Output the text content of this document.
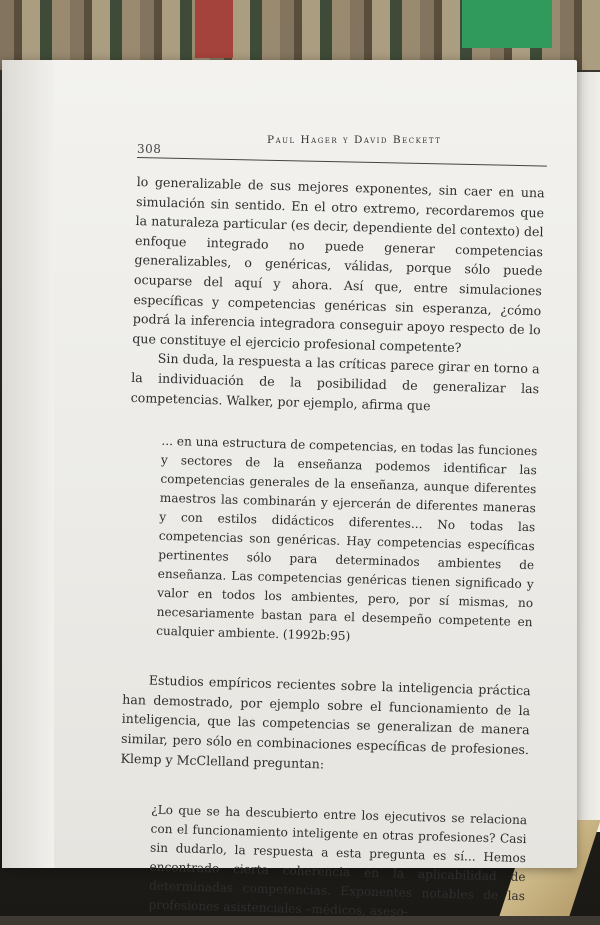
308
Paul Hager y David Beckett

lo generalizable de sus mejores exponentes, sin caer en una simulación sin sentido. En el otro extremo, recordaremos que la naturaleza particular (es decir, dependiente del contexto) del enfoque integrado no puede generar competencias generalizables, o genéricas, válidas, porque sólo puede ocuparse del aquí y ahora. Así que, entre simulaciones específicas y competencias genéricas sin esperanza, ¿cómo podrá la inferencia integradora conseguir apoyo respecto de lo que constituye el ejercicio profesional competente?

Sin duda, la respuesta a las críticas parece girar en torno a la individuación de la posibilidad de generalizar las competencias. Walker, por ejemplo, afirma que

... en una estructura de competencias, en todas las funciones y sectores de la enseñanza podemos identificar las competencias generales de la enseñanza, aunque diferentes maestros las combinarán y ejercerán de diferentes maneras y con estilos didácticos diferentes... No todas las competencias son genéricas. Hay competencias específicas pertinentes sólo para determinados ambientes de enseñanza. Las competencias genéricas tienen significado y valor en todos los ambientes, pero, por sí mismas, no necesariamente bastan para el desempeño competente en cualquier ambiente. (1992b:95)

Estudios empíricos recientes sobre la inteligencia práctica han demostrado, por ejemplo sobre el funcionamiento de la inteligencia, que las competencias se generalizan de manera similar, pero sólo en combinaciones específicas de profesiones. Klemp y McClelland preguntan:

¿Lo que se ha descubierto entre los ejecutivos se relaciona con el funcionamiento inteligente en otras profesiones? Casi sin dudarlo, la respuesta a esta pregunta es sí... Hemos encontrado cierta coherencia en la aplicabilidad de determinadas competencias. Exponentes notables de las profesiones asistenciales –médicos, aseso-
